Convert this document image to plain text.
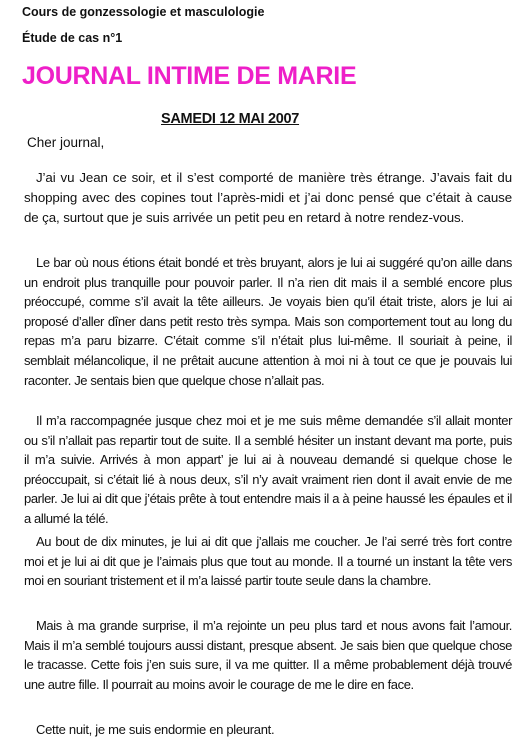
Cours de gonzessologie et masculologie
Étude de cas n°1
JOURNAL INTIME DE MARIE
SAMEDI 12 MAI 2007
Cher journal,

J’ai vu Jean ce soir, et il s’est comporté de manière très étrange. J’avais fait du shopping avec des copines tout l’après-midi et j’ai donc pensé que c’était à cause de ça, surtout que je suis arrivée un petit peu en retard à notre rendez-vous.

Le bar où nous étions était bondé et très bruyant, alors je lui ai suggéré qu’on aille dans un endroit plus tranquille pour pouvoir parler. Il n’a rien dit mais il a semblé encore plus préoccupé, comme s’il avait la tête ailleurs. Je voyais bien qu’il était triste, alors je lui ai proposé d’aller dîner dans petit resto très sympa. Mais son comportement tout au long du repas m’a paru bizarre. C’était comme s’il n’était plus lui-même. Il souriait à peine, il semblait mélancolique, il ne prêtait aucune attention à moi ni à tout ce que je pouvais lui raconter. Je sentais bien que quelque chose n’allait pas.

Il m’a raccompagnée jusque chez moi et je me suis même demandée s’il allait monter ou s’il n’allait pas repartir tout de suite. Il a semblé hésiter un instant devant ma porte, puis il m’a suivie. Arrivés à mon appart’ je lui ai à nouveau demandé si quelque chose le préoccupait, si c’était lié à nous deux, s’il n’y avait vraiment rien dont il avait envie de me parler. Je lui ai dit que j’étais prête à tout entendre mais il a à peine haussé les épaules et il a allumé la télé.

Au bout de dix minutes, je lui ai dit que j’allais me coucher. Je l’ai serré très fort contre moi et je lui ai dit que je l’aimais plus que tout au monde. Il a tourné un instant la tête vers moi en souriant tristement et il m’a laissé partir toute seule dans la chambre.

Mais à ma grande surprise, il m’a rejointe un peu plus tard et nous avons fait l’amour. Mais il m’a semblé toujours aussi distant, presque absent. Je sais bien que quelque chose le tracasse. Cette fois j’en suis sure, il va me quitter. Il a même probablement déjà trouvé une autre fille. Il pourrait au moins avoir le courage de me le dire en face.

Cette nuit, je me suis endormie en pleurant.
